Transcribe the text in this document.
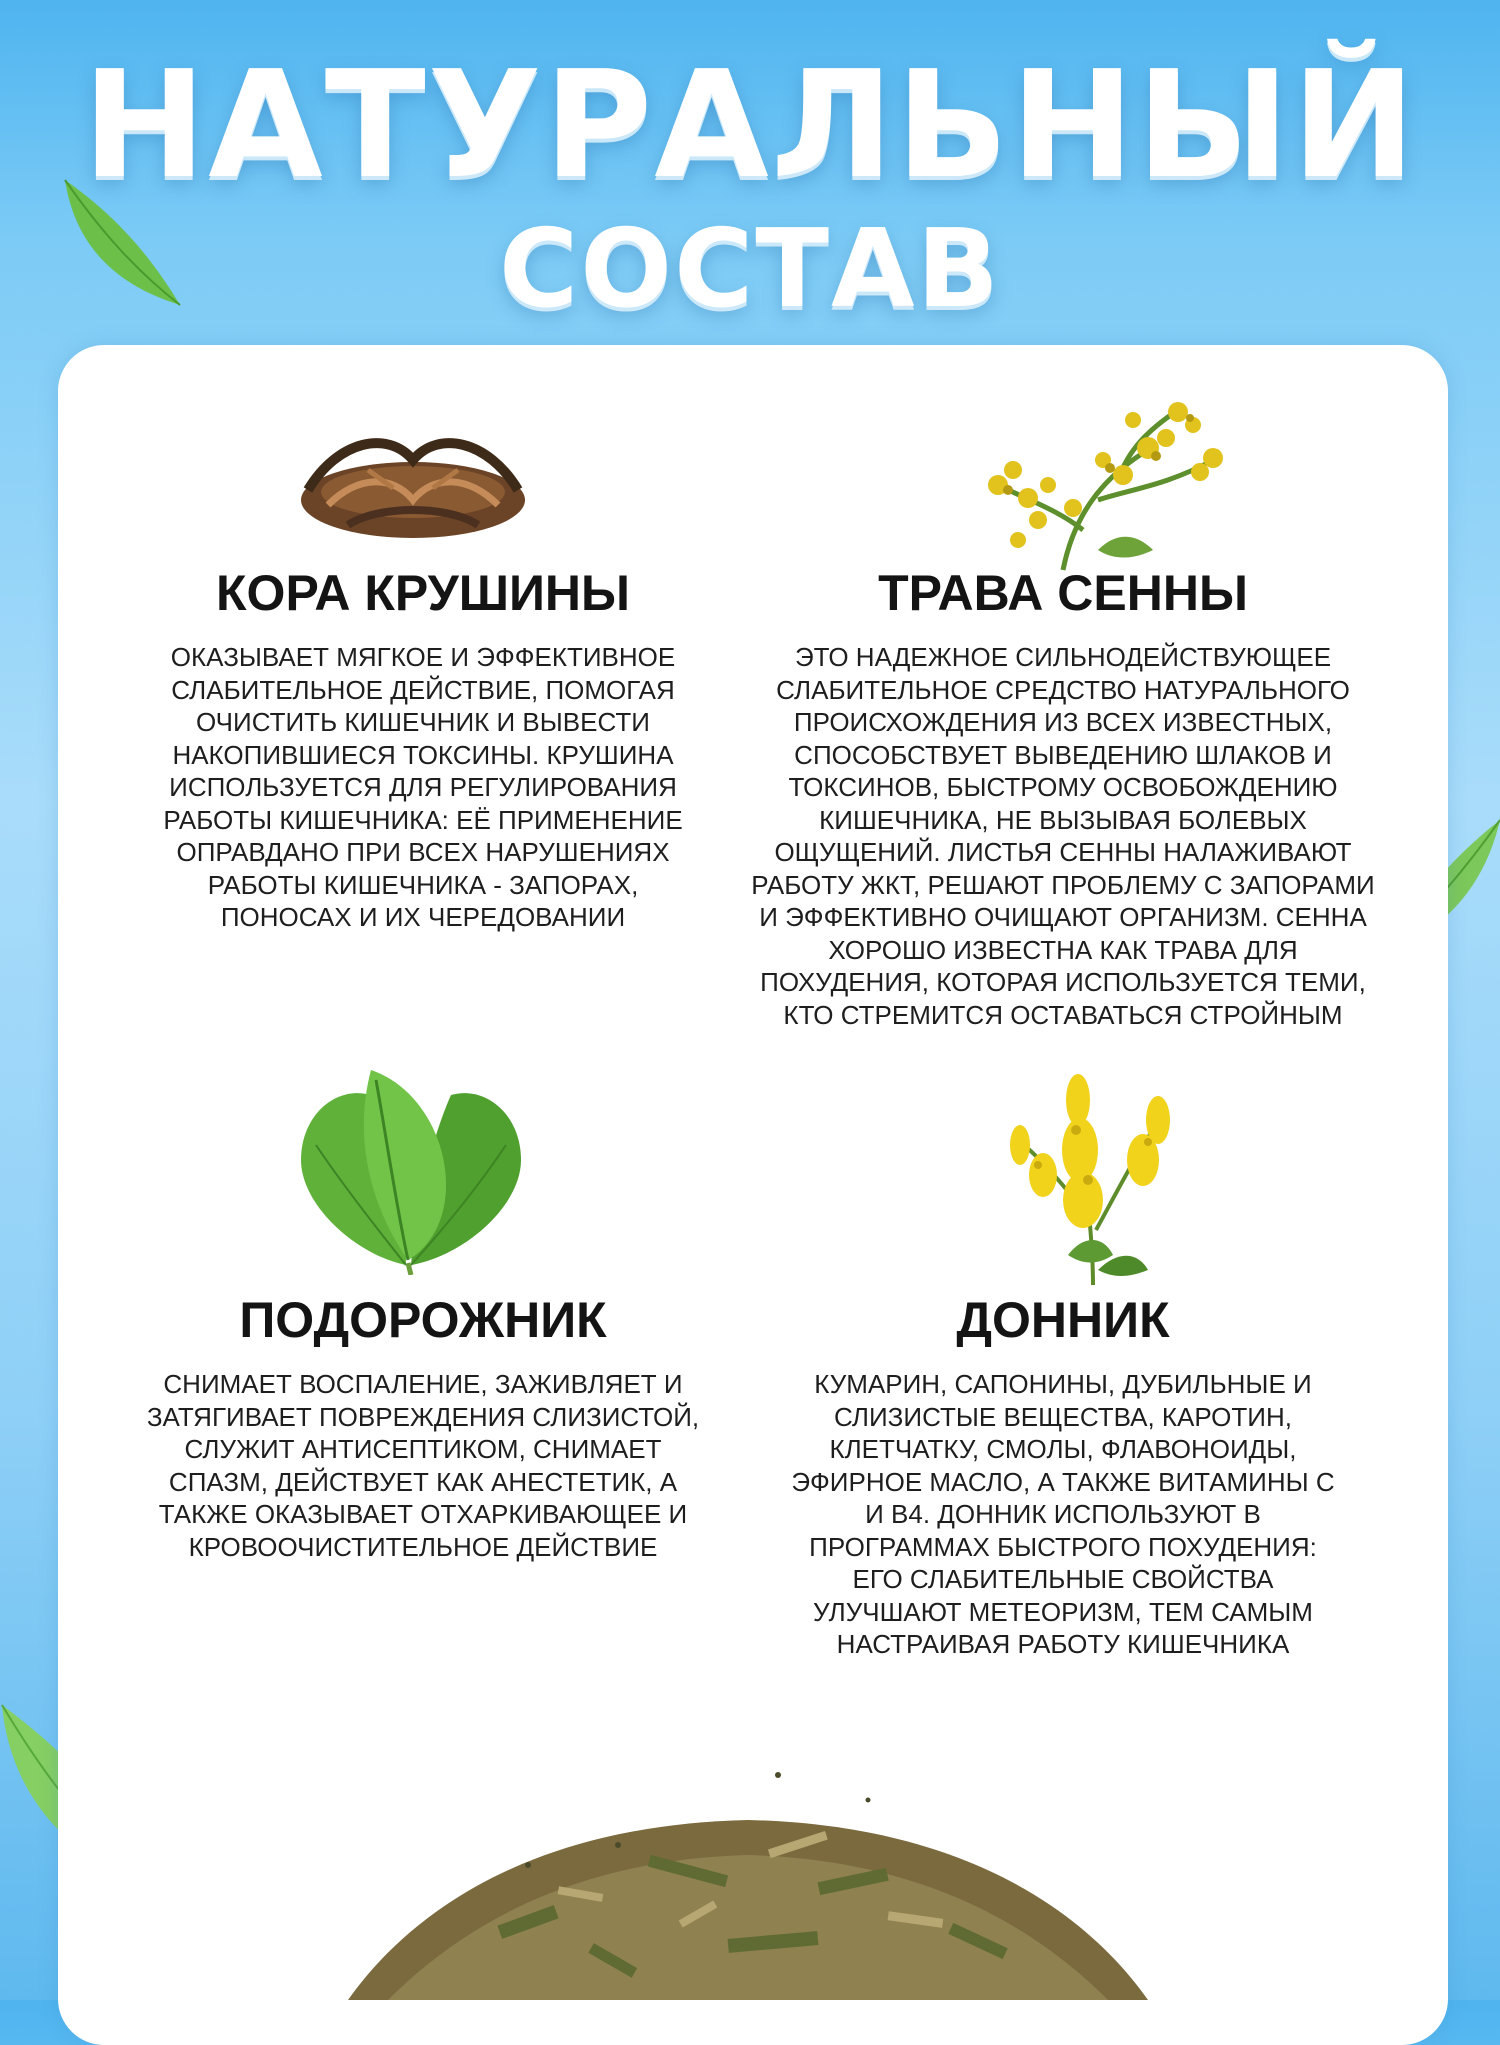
НАТУРАЛЬНЫЙ
СОСТАВ
КОРА КРУШИНЫ

ОКАЗЫВАЕТ МЯГКОЕ И ЭФФЕКТИВНОЕ
СЛАБИТЕЛЬНОЕ ДЕЙСТВИЕ, ПОМОГАЯ
ОЧИСТИТЬ КИШЕЧНИК И ВЫВЕСТИ
НАКОПИВШИЕСЯ ТОКСИНЫ. КРУШИНА
ИСПОЛЬЗУЕТСЯ ДЛЯ РЕГУЛИРОВАНИЯ
РАБОТЫ КИШЕЧНИКА: ЕЁ ПРИМЕНЕНИЕ
ОПРАВДАНО ПРИ ВСЕХ НАРУШЕНИЯХ
РАБОТЫ КИШЕЧНИКА - ЗАПОРАХ,
ПОНОСАХ И ИХ ЧЕРЕДОВАНИИ

ТРАВА СЕННЫ

ЭТО НАДЕЖНОЕ СИЛЬНОДЕЙСТВУЮЩЕЕ
СЛАБИТЕЛЬНОЕ СРЕДСТВО НАТУРАЛЬНОГО
ПРОИСХОЖДЕНИЯ ИЗ ВСЕХ ИЗВЕСТНЫХ,
СПОСОБСТВУЕТ ВЫВЕДЕНИЮ ШЛАКОВ И
ТОКСИНОВ, БЫСТРОМУ ОСВОБОЖДЕНИЮ
КИШЕЧНИКА, НЕ ВЫЗЫВАЯ БОЛЕВЫХ
ОЩУЩЕНИЙ. ЛИСТЬЯ СЕННЫ НАЛАЖИВАЮТ
РАБОТУ ЖКТ, РЕШАЮТ ПРОБЛЕМУ С ЗАПОРАМИ
И ЭФФЕКТИВНО ОЧИЩАЮТ ОРГАНИЗМ. СЕННА
ХОРОШО ИЗВЕСТНА КАК ТРАВА ДЛЯ
ПОХУДЕНИЯ, КОТОРАЯ ИСПОЛЬЗУЕТСЯ ТЕМИ,
КТО СТРЕМИТСЯ ОСТАВАТЬСЯ СТРОЙНЫМ

ПОДОРОЖНИК

СНИМАЕТ ВОСПАЛЕНИЕ, ЗАЖИВЛЯЕТ И
ЗАТЯГИВАЕТ ПОВРЕЖДЕНИЯ СЛИЗИСТОЙ,
СЛУЖИТ АНТИСЕПТИКОМ, СНИМАЕТ
СПАЗМ, ДЕЙСТВУЕТ КАК АНЕСТЕТИК, А
ТАКЖЕ ОКАЗЫВАЕТ ОТХАРКИВАЮЩЕЕ И
КРОВООЧИСТИТЕЛЬНОЕ ДЕЙСТВИЕ

ДОННИК

КУМАРИН, САПОНИНЫ, ДУБИЛЬНЫЕ И
СЛИЗИСТЫЕ ВЕЩЕСТВА, КАРОТИН,
КЛЕТЧАТКУ, СМОЛЫ, ФЛАВОНОИДЫ,
ЭФИРНОЕ МАСЛО, А ТАКЖЕ ВИТАМИНЫ С
И В4. ДОННИК ИСПОЛЬЗУЮТ В
ПРОГРАММАХ БЫСТРОГО ПОХУДЕНИЯ:
ЕГО СЛАБИТЕЛЬНЫЕ СВОЙСТВА
УЛУЧШАЮТ МЕТЕОРИЗМ, ТЕМ САМЫМ
НАСТРАИВАЯ РАБОТУ КИШЕЧНИКА
